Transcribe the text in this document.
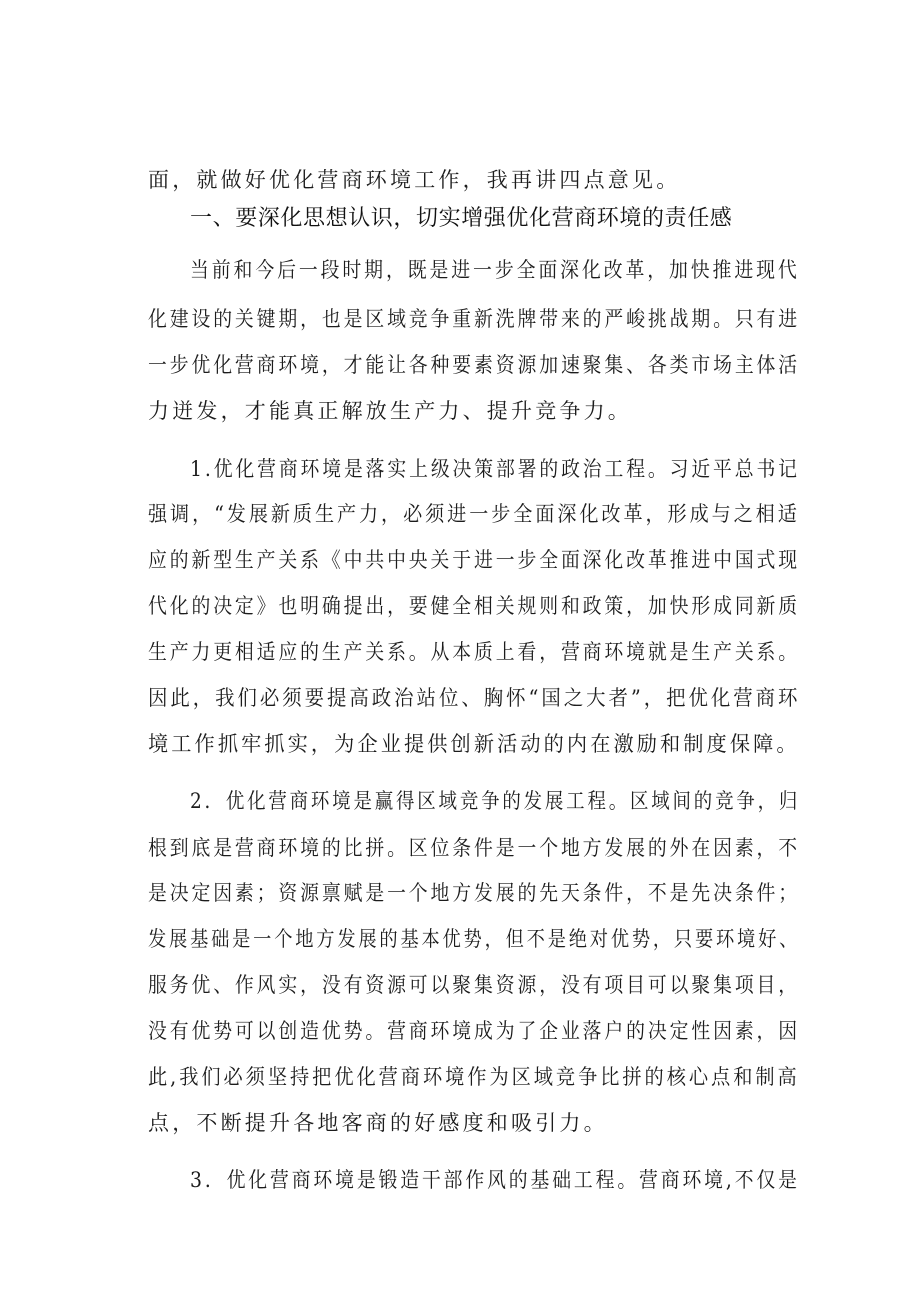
面，就做好优化营商环境工作，我再讲四点意见。
一、要深化思想认识，切实增强优化营商环境的责任感
当前和今后一段时期，既是进一步全面深化改革，加快推进现代
化建设的关键期，也是区域竞争重新洗牌带来的严峻挑战期。只有进
一步优化营商环境，才能让各种要素资源加速聚集、各类市场主体活
力迸发，才能真正解放生产力、提升竞争力。
1.优化营商环境是落实上级决策部署的政治工程。习近平总书记
强调，“发展新质生产力，必须进一步全面深化改革，形成与之相适
应的新型生产关系《中共中央关于进一步全面深化改革推进中国式现
代化的决定》也明确提出，要健全相关规则和政策，加快形成同新质
生产力更相适应的生产关系。从本质上看，营商环境就是生产关系。
因此，我们必须要提高政治站位、胸怀“国之大者”，把优化营商环
境工作抓牢抓实，为企业提供创新活动的内在激励和制度保障。
2．优化营商环境是赢得区域竞争的发展工程。区域间的竞争，归
根到底是营商环境的比拼。区位条件是一个地方发展的外在因素，不
是决定因素；资源禀赋是一个地方发展的先天条件，不是先决条件；
发展基础是一个地方发展的基本优势，但不是绝对优势，只要环境好、
服务优、作风实，没有资源可以聚集资源，没有项目可以聚集项目，
没有优势可以创造优势。营商环境成为了企业落户的决定性因素，因
此,我们必须坚持把优化营商环境作为区域竞争比拼的核心点和制高
点，不断提升各地客商的好感度和吸引力。
3．优化营商环境是锻造干部作风的基础工程。营商环境,不仅是
